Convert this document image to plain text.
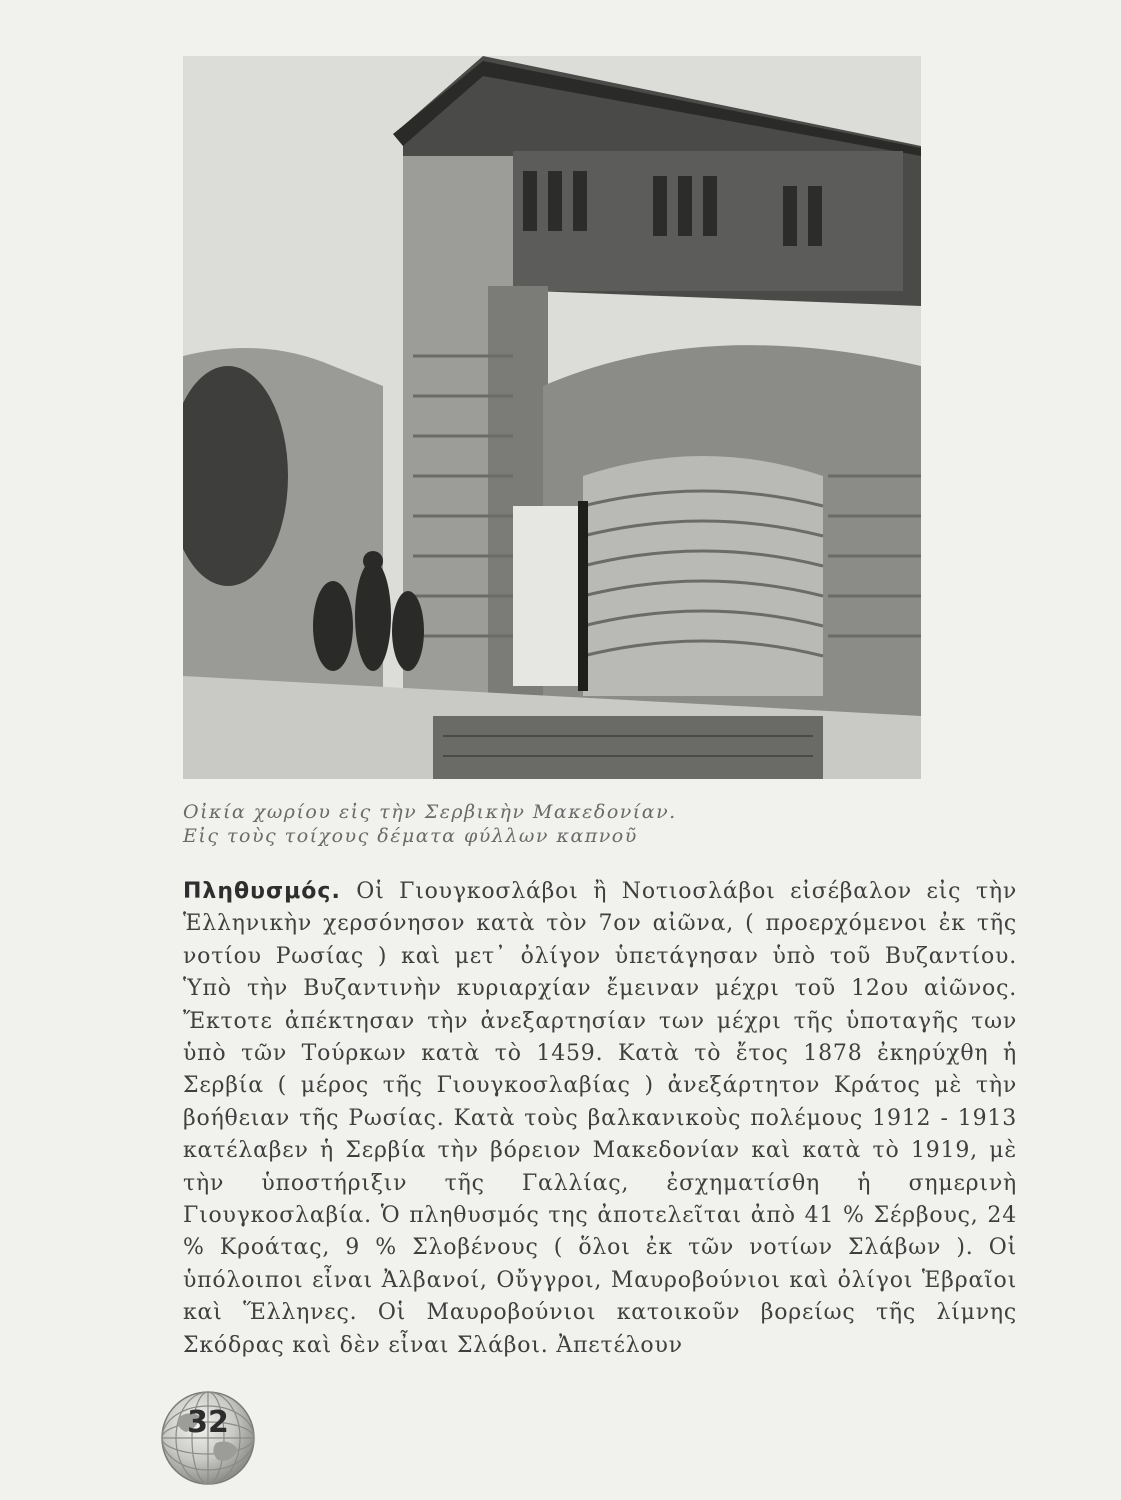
Οἰκία χωρίου εἰς τὴν Σερβικὴν Μακεδονίαν.
Εἰς τοὺς τοίχους δέματα φύλλων καπνοῦ
Πληθυσμός. Οἱ Γιουγκοσλάβοι ἢ Νοτιοσλάβοι εἰσέβαλον εἰς τὴν Ἑλληνικὴν χερσόνησον κατὰ τὸν 7ον αἰῶνα, ( προερχόμενοι ἐκ τῆς νοτίου Ρωσίας ) καὶ μετ᾽ ὀλίγον ὑπετάγησαν ὑπὸ τοῦ Βυζαντίου. Ὑπὸ τὴν Βυζαντινὴν κυριαρχίαν ἔμειναν μέχρι τοῦ 12ου αἰῶνος. Ἔκτοτε ἀπέκτησαν τὴν ἀνεξαρτησίαν των μέχρι τῆς ὑποταγῆς των ὑπὸ τῶν Τούρκων κατὰ τὸ 1459. Κατὰ τὸ ἔτος 1878 ἐκηρύχθη ἡ Σερβία ( μέρος τῆς Γιουγκοσλαβίας ) ἀνεξάρτητον Κράτος μὲ τὴν βοήθειαν τῆς Ρωσίας. Κατὰ τοὺς βαλκανικοὺς πολέμους 1912 - 1913 κατέλαβεν ἡ Σερβία τὴν βόρειον Μακεδονίαν καὶ κατὰ τὸ 1919, μὲ τὴν ὑποστήριξιν τῆς Γαλλίας, ἐσχηματίσθη ἡ σημερινὴ Γιουγκοσλαβία. Ὁ πληθυσμός της ἀποτελεῖται ἀπὸ 41 % Σέρβους, 24 % Κροάτας, 9 % Σλοβένους ( ὅλοι ἐκ τῶν νοτίων Σλάβων ). Οἱ ὑπόλοιποι εἶναι Ἀλβανοί, Οὔγγροι, Μαυροβούνιοι καὶ ὀλίγοι Ἑβραῖοι καὶ Ἕλληνες. Οἱ Μαυροβούνιοι κατοικοῦν βορείως τῆς λίμνης Σκόδρας καὶ δὲν εἶναι Σλάβοι. Ἀπετέλουν
32
